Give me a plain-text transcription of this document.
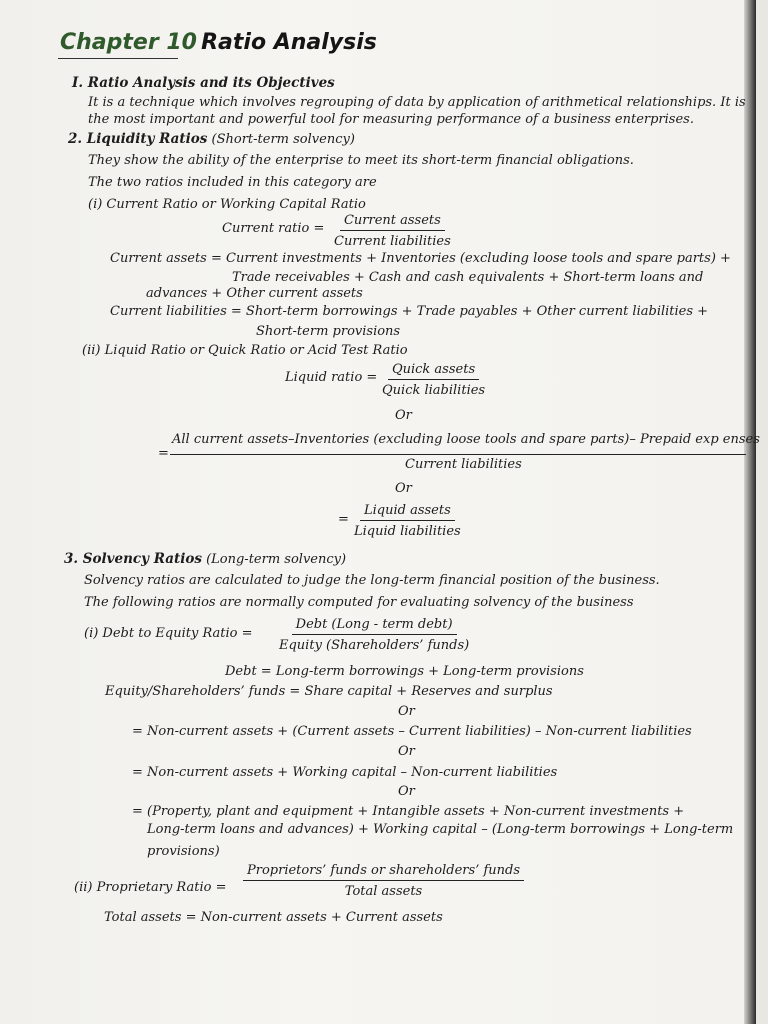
Chapter 10 Ratio Analysis
I. Ratio Analysis and its Objectives
It is a technique which involves regrouping of data by application of arithmetical relationships. It is
the most important and powerful tool for measuring performance of a business enterprises.
2. Liquidity Ratios (Short-term solvency)
They show the ability of the enterprise to meet its short-term financial obligations.
The two ratios included in this category are
(i) Current Ratio or Working Capital Ratio
Current ratio =
Current assets
Current liabilities
Current assets = Current investments + Inventories (excluding loose tools and spare parts) +
Trade receivables + Cash and cash equivalents + Short-term loans and
advances + Other current assets
Current liabilities = Short-term borrowings + Trade payables + Other current liabilities +
Short-term provisions
(ii) Liquid Ratio or Quick Ratio or Acid Test Ratio
Liquid ratio =
Quick assets
Quick liabilities
Or
=
All current assets–Inventories (excluding loose tools and spare parts)– Prepaid exp enses
Current liabilities
Or
=
Liquid assets
Liquid liabilities
3. Solvency Ratios (Long-term solvency)
Solvency ratios are calculated to judge the long-term financial position of the business.
The following ratios are normally computed for evaluating solvency of the business
(i) Debt to Equity Ratio =
Debt (Long - term debt)
Equity (Shareholders’ funds)
Debt = Long-term borrowings + Long-term provisions
Equity/Shareholders’ funds = Share capital + Reserves and surplus
Or
= Non-current assets + (Current assets – Current liabilities) – Non-current liabilities
Or
= Non-current assets + Working capital – Non-current liabilities
Or
= (Property, plant and equipment + Intangible assets + Non-current investments +
Long-term loans and advances) + Working capital – (Long-term borrowings + Long-term
provisions)
(ii) Proprietary Ratio =
Proprietors’ funds or shareholders’ funds
Total assets
Total assets = Non-current assets + Current assets
